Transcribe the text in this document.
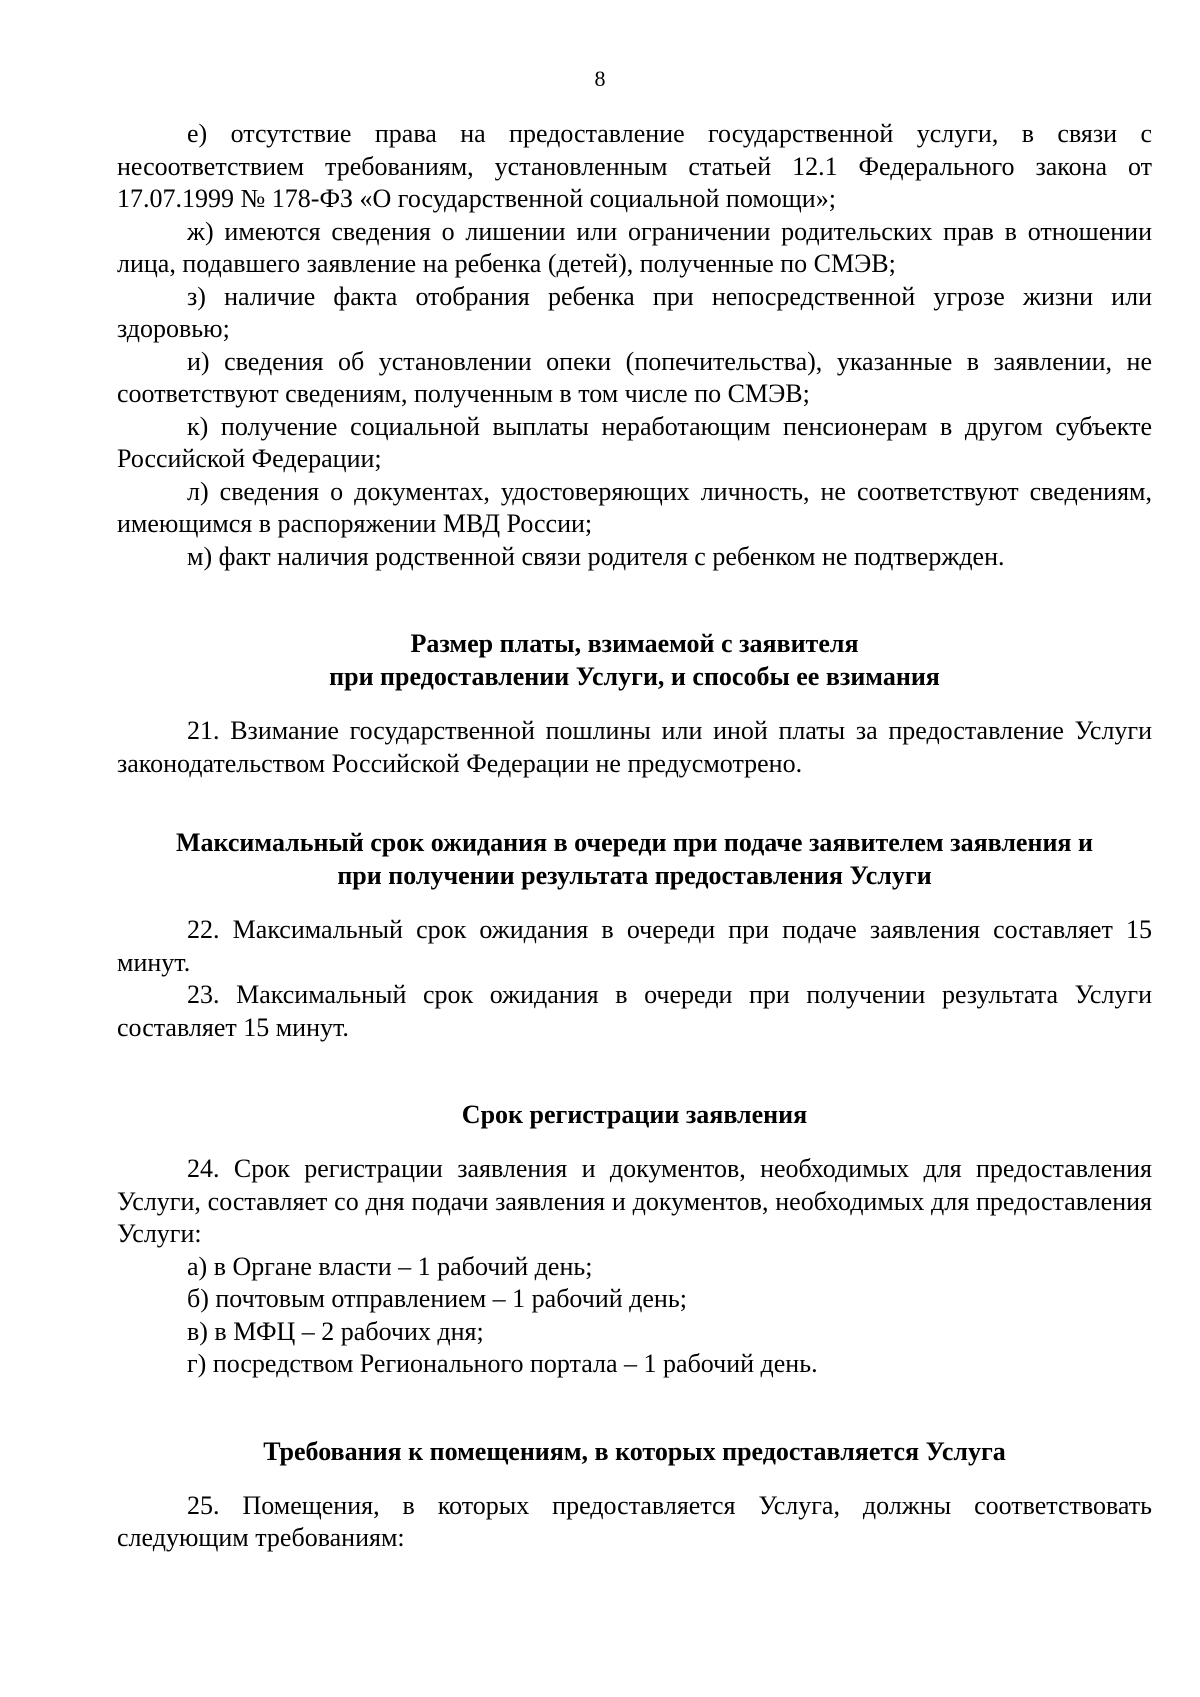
8

е) отсутствие права на предоставление государственной услуги, в связи с несоответствием требованиям, установленным статьей 12.1 Федерального закона от 17.07.1999 № 178-ФЗ «О государственной социальной помощи»;

ж) имеются сведения о лишении или ограничении родительских прав в отношении лица, подавшего заявление на ребенка (детей), полученные по СМЭВ;

з) наличие факта отобрания ребенка при непосредственной угрозе жизни или здоровью;

и) сведения об установлении опеки (попечительства), указанные в заявлении, не соответствуют сведениям, полученным в том числе по СМЭВ;

к) получение социальной выплаты неработающим пенсионерам в другом субъекте Российской Федерации;

л) сведения о документах, удостоверяющих личность, не соответствуют сведениям, имеющимся в распоряжении МВД России;

м) факт наличия родственной связи родителя с ребенком не подтвержден.

Размер платы, взимаемой с заявителя
при предоставлении Услуги, и способы ее взимания

21. Взимание государственной пошлины или иной платы за предоставление Услуги законодательством Российской Федерации не предусмотрено.

Максимальный срок ожидания в очереди при подаче заявителем заявления и
при получении результата предоставления Услуги

22. Максимальный срок ожидания в очереди при подаче заявления составляет 15 минут.

23. Максимальный срок ожидания в очереди при получении результата Услуги составляет 15 минут.

Срок регистрации заявления

24. Срок регистрации заявления и документов, необходимых для предоставления Услуги, составляет со дня подачи заявления и документов, необходимых для предоставления Услуги:

а) в Органе власти – 1 рабочий день;

б) почтовым отправлением – 1 рабочий день;

в) в МФЦ – 2 рабочих дня;

г) посредством Регионального портала – 1 рабочий день.

Требования к помещениям, в которых предоставляется Услуга

25. Помещения, в которых предоставляется Услуга, должны соответствовать следующим требованиям:
